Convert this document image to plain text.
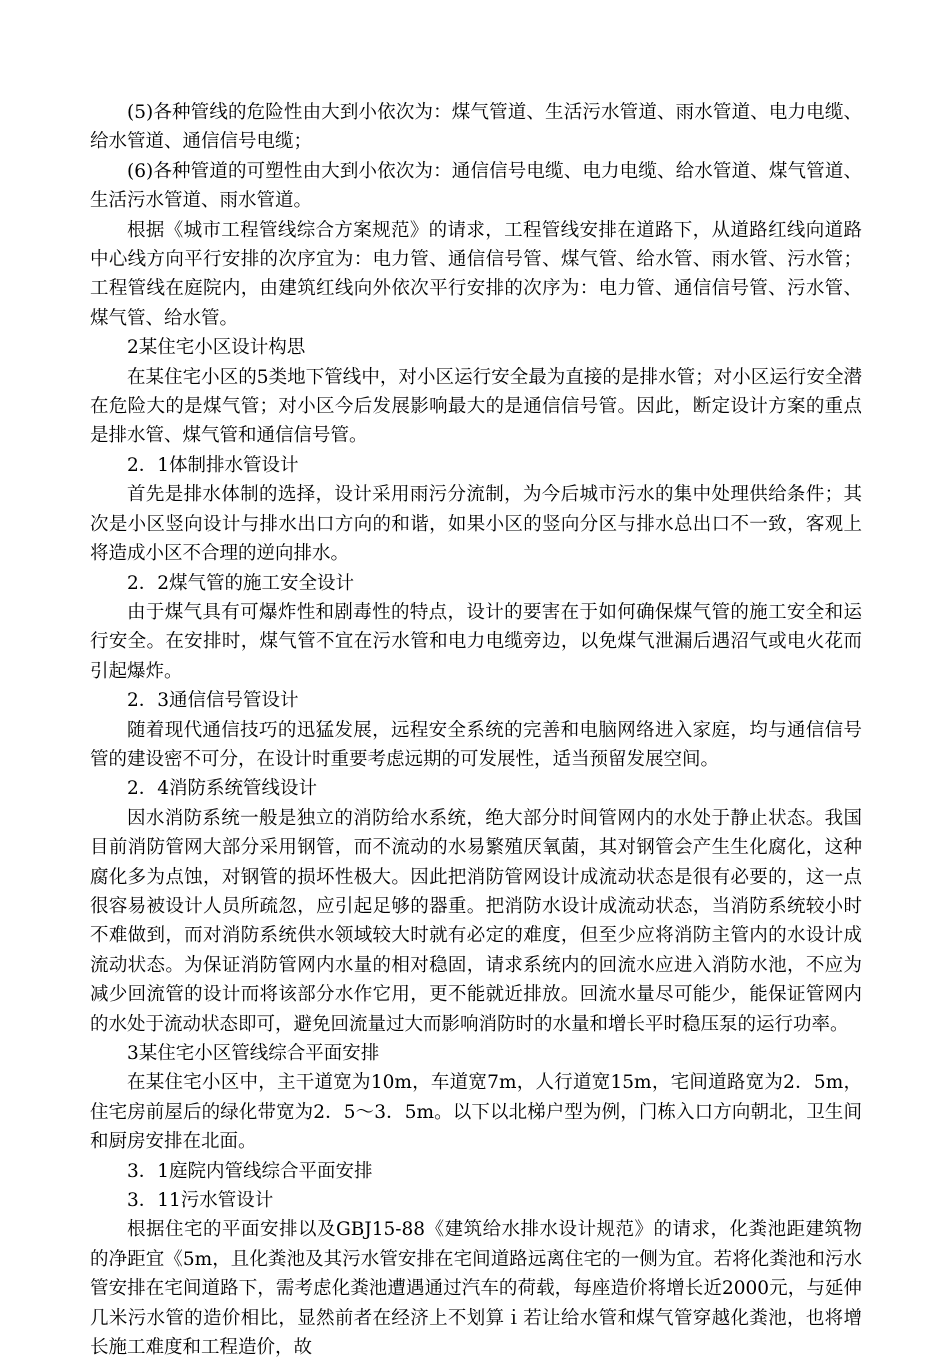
(5)各种管线的危险性由大到小依次为：煤气管道、生活污水管道、雨水管道、电力电缆、给水管道、通信信号电缆；

(6)各种管道的可塑性由大到小依次为：通信信号电缆、电力电缆、给水管道、煤气管道、生活污水管道、雨水管道。

根据《城市工程管线综合方案规范》的请求，工程管线安排在道路下，从道路红线向道路中心线方向平行安排的次序宜为：电力管、通信信号管、煤气管、给水管、雨水管、污水管；工程管线在庭院内，由建筑红线向外依次平行安排的次序为：电力管、通信信号管、污水管、煤气管、给水管。

2某住宅小区设计构思

在某住宅小区的5类地下管线中，对小区运行安全最为直接的是排水管；对小区运行安全潜在危险大的是煤气管；对小区今后发展影响最大的是通信信号管。因此，断定设计方案的重点是排水管、煤气管和通信信号管。

2．1体制排水管设计

首先是排水体制的选择，设计采用雨污分流制，为今后城市污水的集中处理供给条件；其次是小区竖向设计与排水出口方向的和谐，如果小区的竖向分区与排水总出口不一致，客观上将造成小区不合理的逆向排水。

2．2煤气管的施工安全设计

由于煤气具有可爆炸性和剧毒性的特点，设计的要害在于如何确保煤气管的施工安全和运行安全。在安排时，煤气管不宜在污水管和电力电缆旁边，以免煤气泄漏后遇沼气或电火花而引起爆炸。

2．3通信信号管设计

随着现代通信技巧的迅猛发展，远程安全系统的完善和电脑网络进入家庭，均与通信信号管的建设密不可分，在设计时重要考虑远期的可发展性，适当预留发展空间。

2．4消防系统管线设计

因水消防系统一般是独立的消防给水系统，绝大部分时间管网内的水处于静止状态。我国目前消防管网大部分采用钢管，而不流动的水易繁殖厌氧菌，其对钢管会产生生化腐化，这种腐化多为点蚀，对钢管的损坏性极大。因此把消防管网设计成流动状态是很有必要的，这一点很容易被设计人员所疏忽，应引起足够的器重。把消防水设计成流动状态，当消防系统较小时不难做到，而对消防系统供水领域较大时就有必定的难度，但至少应将消防主管内的水设计成流动状态。为保证消防管网内水量的相对稳固，请求系统内的回流水应进入消防水池，不应为减少回流管的设计而将该部分水作它用，更不能就近排放。回流水量尽可能少，能保证管网内的水处于流动状态即可，避免回流量过大而影响消防时的水量和增长平时稳压泵的运行功率。

3某住宅小区管线综合平面安排

在某住宅小区中，主干道宽为10m，车道宽7m，人行道宽15m，宅间道路宽为2．5m，住宅房前屋后的绿化带宽为2．5～3．5m。以下以北梯户型为例，门栋入口方向朝北，卫生间和厨房安排在北面。

3．1庭院内管线综合平面安排

3．11污水管设计

根据住宅的平面安排以及GBJ15-88《建筑给水排水设计规范》的请求，化粪池距建筑物的净距宜《5m，且化粪池及其污水管安排在宅间道路远离住宅的一侧为宜。若将化粪池和污水管安排在宅间道路下，需考虑化粪池遭遇通过汽车的荷载，每座造价将增长近2000元，与延伸几米污水管的造价相比，显然前者在经济上不划算ｉ若让给水管和煤气管穿越化粪池，也将增长施工难度和工程造价，故
